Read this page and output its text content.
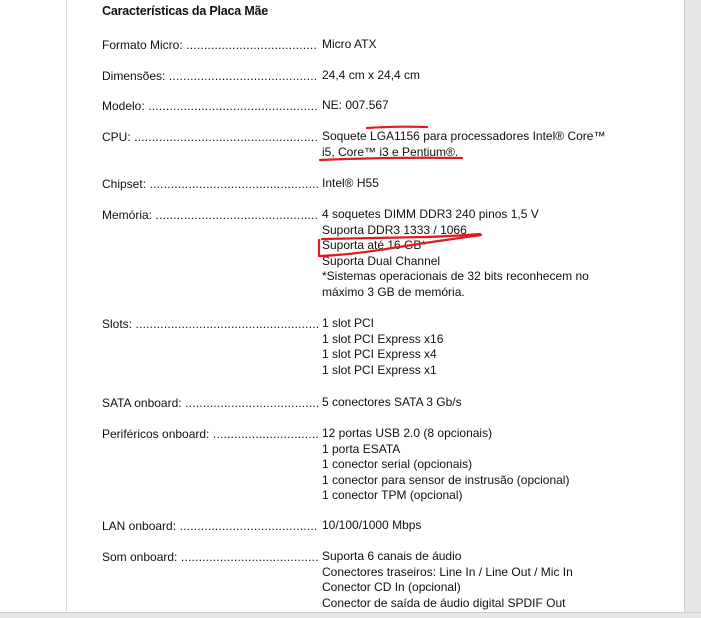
Características da Placa Mãe
Formato Micro: .....	Micro ATX
Dimensões: .....	24,4 cm x 24,4 cm
Modelo: .....	NE: 007.567
CPU: .....	Soquete LGA1156 para processadores Intel® Core™ i5, Core™ i3 e Pentium®.
Chipset: .....	Intel® H55
Memória: .....	4 soquetes DIMM DDR3 240 pinos 1,5 V
Suporta DDR3 1333 / 1066
Suporta até 16 GB*
Suporta Dual Channel
*Sistemas operacionais de 32 bits reconhecem no máximo 3 GB de memória.
Slots: .....	1 slot PCI
1 slot PCI Express x16
1 slot PCI Express x4
1 slot PCI Express x1
SATA onboard: .....	5 conectores SATA 3 Gb/s
Periféricos onboard: .....	12 portas USB 2.0 (8 opcionais)
1 porta ESATA
1 conector serial (opcionais)
1 conector para sensor de instrusão (opcional)
1 conector TPM (opcional)
LAN onboard: .....	10/100/1000 Mbps
Som onboard: .....	Suporta 6 canais de áudio
Conectores traseiros: Line In / Line Out / Mic In
Conector CD In (opcional)
Conector de saída de áudio digital SPDIF Out
